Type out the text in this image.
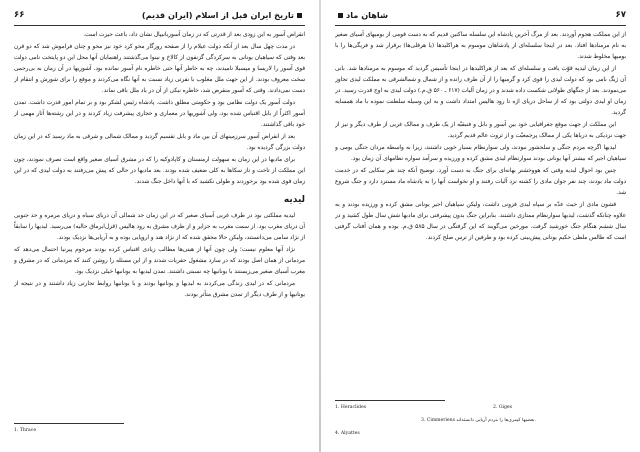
۶۶	تاریخ ایران قبل از اسلام (ایران قدیم)

انقراض آسور به این زودی بعد از قدرتی که در زمان آسوربانیپال نشان داد، باعث حیرت است.

در مدت چهل سال بعد از آنکه دولت عیلام را از صفحه روزگار محو کرد خود نیز محو و چنان فراموش شد که دو قرن بعد وقتی که سپاهیان یونانی به سرکردگی گزنفون از کالاخ و نینوا می‌گذشتند راهنمایان آنها محل این دو پایتخت نامی دولت قوی آسور را لاریسا و مپسیلا نامیدند، چه به خاطر آنها حتی خاطره نام آسور نمانده بود. آشوریها در آن زمان به بی‌رحمی سخت معروف بودند. از این جهت ملل مغلوب با نفرتی زیاد نسبت به آنها نگاه می‌کردند و موقع را برای شورش و انتقام از دست نمی‌دادند. وقتی که آسور منقرض شد، خاطره نیکی از آن در یاد ملل باقی نماند.

دولت آسور یک دولت نظامی بود و حکومتی مطلق داشت. پادشاه رئیس لشکر بود و بر تمام امور قدرت داشت. تمدن آسور اکثراً از بابل اقتباس شده بود، ولی آشوریها در معماری و حجاری پیشرفت زیاد کردند و در این رشته‌ها آثار مهمی از خود باقی گذاشتند.

بعد از انقراض آسور سرزمینهای آن بین ماد و بابل تقسیم گردید و ممالک شمالی و شرقی به ماد رسید که در این زمان دولت بزرگی گردیده بود.

برای مادیها در این زمان به سهولت ارمنستان و کاپادوکیه را که در مشرق آسیای صغیر واقع است تصرف نمودند، چون این مملکت از تاخت و تاز سکاها به کلی ضعیف شده بودند. بعد مادیها در حالی که پیش می‌رفتند به دولت لیدی که در این زمان قوی شده بود برخوردند و طولی نکشید که با آنها داخل جنگ شدند.

لیدیه

لیدیه مملکتی بود در طرف غربی آسیای صغیر که در این زمان حد شمالی آن دریای سیاه و دریای مرمره و حد جنوبی آن دریای مغرب بود. از سمت مغرب به جزایر و از طرف مشرق به رود هالیس (قزل‌ایرماق حالیه) می‌رسید. لیدیها را سابقاً از نژاد سامی می‌دانستند، ولیکن حالا محقق شده که از نژاد هند و اروپایی بوده و به آریایی‌ها نزدیک بودند.

نژاد آنها معلوم نیست؛ ولی چون آنها از هیتی‌ها مطالب زیادی اقتباس کرده بودند مرحوم پیرنیا احتمال می‌دهد که مردمانی از همان اصل بودند که در سارد مشغول حفریات شدند و از این مسئله را روشن کنند که مردمانی که در مشرق و مغرب آسیای صغیر می‌زیستند با یونانیها چه نسبتی داشتند. تمدن لیدیها به یونانیها خیلی نزدیک بود.

مردمانی که در لیدی زندگی می‌کردند به لیدیها و یونانیها بودند و با یونانیها روابط تجارتی زیاد داشتند و در نتیجه از یونانیها و از طرف دیگر از تمدن مشرق متأثر بودند.

1. Thrace
۶۷
شاهان ماد

از این مملکت هجوم آوردند. بعد از مرگ آخرین پادشاه این سلسله ساکنین قدیم که به دست قومی از بومیهای آسیای صغیر به نام مرمنادها افتاد. بعد در اینجا سلسله‌ای از پادشاهان موسوم به هراکلیدها (یا هرقلی‌ها) برقرار شد و فریگی‌ها را با بومیها مخلوط شدند.

از این زمان لیدیه قوّت یافت و سلسله‌ای که بعد از هراکلیدها در اینجا تأسیس گردید که موسوم به مرمنادها شد. بانی آن ژیگ نامی بود که دولت لیدی را قوی کرد و گرمیها را از آن طرف رانده و از شمال و شمالشرقی به مملکت لیدی تجاوز می‌نمودند. بعد از جنگهای طولانی شکست داده شدند و در زمان آلیات (۶۱۷ ـ ۵۶۰ ق.م.) دولت لیدی به اوج قدرت رسید. در زمان او لیدی دولتی بود که از ساحل دریای اژه تا رود هالیس امتداد داشت و به این وسیله سلطنت نموده با ماد همسایه گردید.

این مملکت از جهت موقع جغرافیایی خود بین آسور و بابل و فنیقیّه از یک طرف و ممالک غربی از طرف دیگر و نیز از جهت نزدیکی به دریاها یکی از ممالک پرجمعیّت و از ثروت عالم قدیم گردید.

لیدیها اگرچه مردم جنگی و سلحشور نبودند، ولی سوارنظام بسیار خوبی داشتند، زیرا به واسطه مردان جنگی بومی و سپاهیان اجیر که بیشتر آنها یونانی بودند سوارنظام لیدی مشق کرده و ورزیده و سرآمد سواره نظامهای آن زمان بود.

چنین بود احوال لیدیه وقتی که هووخشتر بهانه‌ای برای جنگ به دست آورد. توضیح آنکه چند نفر سکایی که در خدمت دولت ماد بودند، چند نفر جوان مادی را کشته نزد آلیات رفتند و او نخواست آنها را به پادشاه ماد مسترد دارد و جنگ شروع شد.

قشون مادی از حیث عدّه بر سپاه لیدی فزونی داشت، ولیکن سپاهیان اجیر یونانی مشق کرده و ورزیده بودند و به علاوه چنانکه گذشت، لیدیها سوارنظام ممتازی داشتند. بنابراین جنگ بدون پیشرفتی برای مادیها شش سال طول کشید و در سال ششم هنگام جنگ خورشید گرفت. مورخین می‌گویند که این گرفتگی در سال ۵۸۵ ق.م. بوده و همان آفتاب گرفتی است که طالس ملطی حکیم یونانی پیش‌بینی کرده بود و طرفین از ترس صلح کردند.

1. Heraclides	2. Giges
3. Cimmeriens بعضیها کیمری‌ها را مردم آریایی دانسته‌اند.
4. Alyattes
